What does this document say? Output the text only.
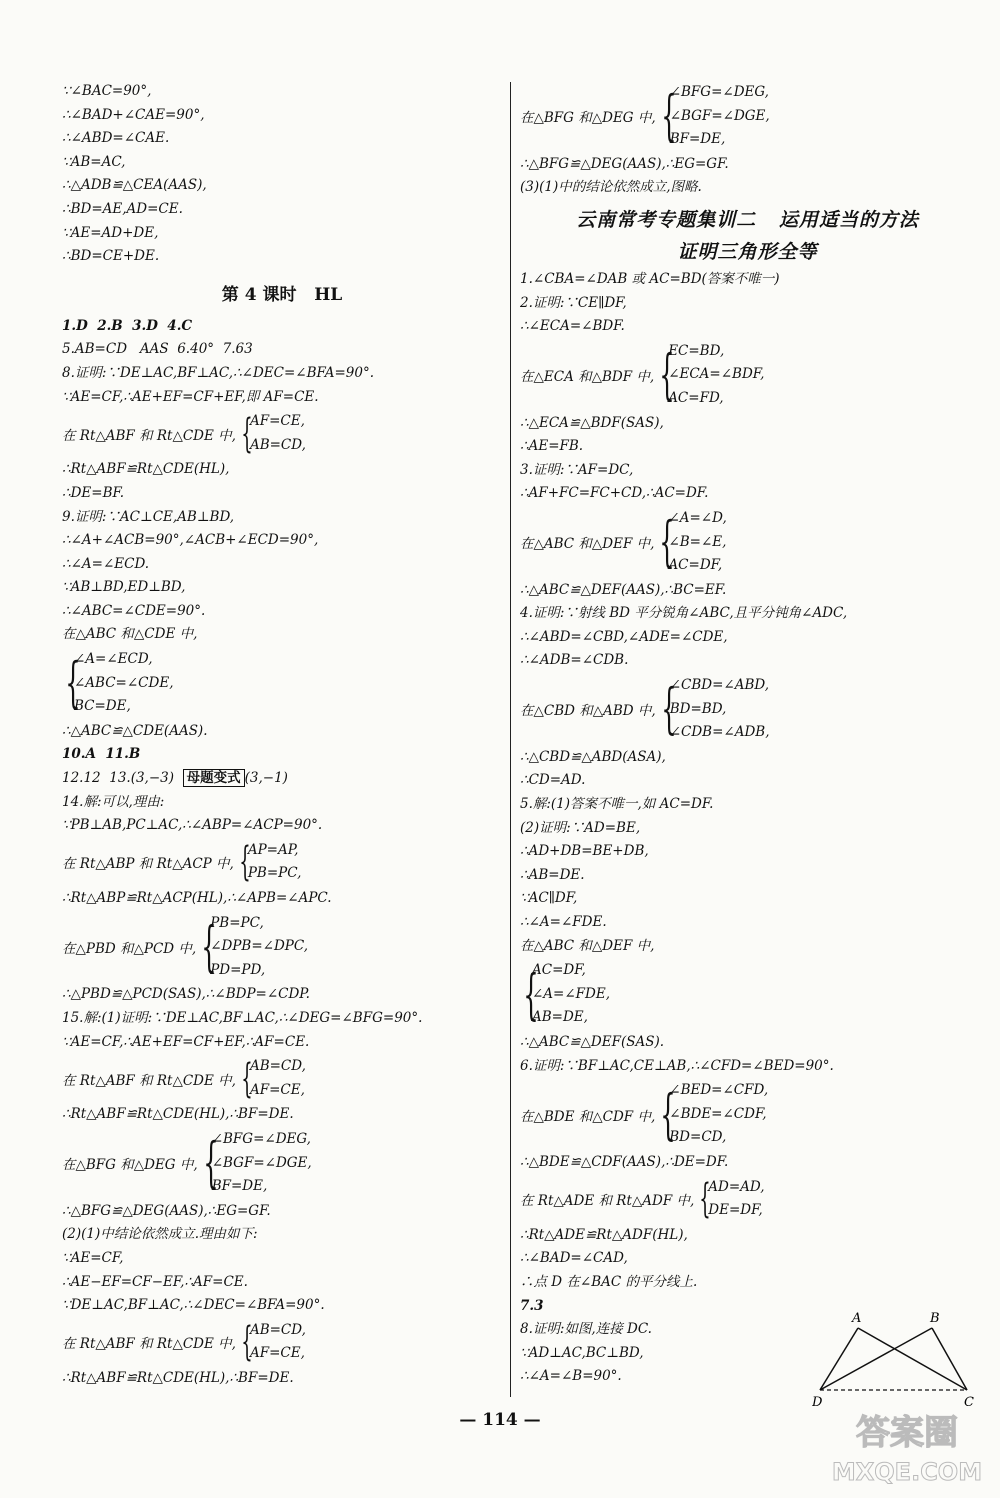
∵∠BAC=90°,
∴∠BAD+∠CAE=90°,
∴∠ABD=∠CAE.
∵AB=AC,
∴△ADB≌△CEA(AAS),
∴BD=AE,AD=CE.
∵AE=AD+DE,
∴BD=CE+DE.
第 4 课时   HL
1.D  2.B  3.D  4.C
5.AB=CD   AAS  6.40°  7.63
8.证明:∵DE⊥AC,BF⊥AC,∴∠DEC=∠BFA=90°.
∵AE=CF,∴AE+EF=CF+EF,即 AF=CE.
在 Rt△ABF 和 Rt△CDE 中, {
AF=CE,
AB=CD,
∴Rt△ABF≌Rt△CDE(HL),
∴DE=BF.
9.证明:∵AC⊥CE,AB⊥BD,
∴∠A+∠ACB=90°,∠ACB+∠ECD=90°,
∴∠A=∠ECD.
∵AB⊥BD,ED⊥BD,
∴∠ABC=∠CDE=90°.
在△ABC 和△CDE 中,
{
∠A=∠ECD,
∠ABC=∠CDE,
BC=DE,
∴△ABC≌△CDE(AAS).
10.A  11.B
12.12  13.(3,−3)  母题变式 (3,−1)
14.解:可以,理由:
∵PB⊥AB,PC⊥AC,∴∠ABP=∠ACP=90°.
在 Rt△ABP 和 Rt△ACP 中, {
AP=AP,
PB=PC,
∴Rt△ABP≌Rt△ACP(HL),∴∠APB=∠APC.
在△PBD 和△PCD 中, {
PB=PC,
∠DPB=∠DPC,
PD=PD,
∴△PBD≌△PCD(SAS),∴∠BDP=∠CDP.
15.解:(1)证明:∵DE⊥AC,BF⊥AC,∴∠DEG=∠BFG=90°.
∵AE=CF,∴AE+EF=CF+EF,∴AF=CE.
在 Rt△ABF 和 Rt△CDE 中, {
AB=CD,
AF=CE,
∴Rt△ABF≌Rt△CDE(HL),∴BF=DE.
在△BFG 和△DEG 中, {
∠BFG=∠DEG,
∠BGF=∠DGE,
BF=DE,
∴△BFG≌△DEG(AAS),∴EG=GF.
(2)(1)中结论依然成立.理由如下:
∵AE=CF,
∴AE−EF=CF−EF,∴AF=CE.
∵DE⊥AC,BF⊥AC,∴∠DEC=∠BFA=90°.
在 Rt△ABF 和 Rt△CDE 中, {
AB=CD,
AF=CE,
∴Rt△ABF≌Rt△CDE(HL),∴BF=DE.
在△BFG 和△DEG 中, {
∠BFG=∠DEG,
∠BGF=∠DGE,
BF=DE,
∴△BFG≌△DEG(AAS),∴EG=GF.
(3)(1)中的结论依然成立,图略.
云南常考专题集训二   运用适当的方法
证明三角形全等
1.∠CBA=∠DAB 或 AC=BD(答案不唯一)
2.证明:∵CE∥DF,
∴∠ECA=∠BDF.
在△ECA 和△BDF 中, {
EC=BD,
∠ECA=∠BDF,
AC=FD,
∴△ECA≌△BDF(SAS),
∴AE=FB.
3.证明:∵AF=DC,
∴AF+FC=FC+CD,∴AC=DF.
在△ABC 和△DEF 中, {
∠A=∠D,
∠B=∠E,
AC=DF,
∴△ABC≌△DEF(AAS),∴BC=EF.
4.证明:∵射线 BD 平分锐角∠ABC,且平分钝角∠ADC,
∴∠ABD=∠CBD,∠ADE=∠CDE,
∴∠ADB=∠CDB.
在△CBD 和△ABD 中, {
∠CBD=∠ABD,
BD=BD,
∠CDB=∠ADB,
∴△CBD≌△ABD(ASA),
∴CD=AD.
5.解:(1)答案不唯一,如 AC=DF.
(2)证明:∵AD=BE,
∴AD+DB=BE+DB,
∴AB=DE.
∵AC∥DF,
∴∠A=∠FDE.
在△ABC 和△DEF 中,
{
AC=DF,
∠A=∠FDE,
AB=DE,
∴△ABC≌△DEF(SAS).
6.证明:∵BF⊥AC,CE⊥AB,∴∠CFD=∠BED=90°.
在△BDE 和△CDF 中, {
∠BED=∠CFD,
∠BDE=∠CDF,
BD=CD,
∴△BDE≌△CDF(AAS),∴DE=DF.
在 Rt△ADE 和 Rt△ADF 中, {
AD=AD,
DE=DF,
∴Rt△ADE≌Rt△ADF(HL),
∴∠BAD=∠CAD,
∴点 D 在∠BAC 的平分线上.
7.3
8.证明:如图,连接 DC.
∵AD⊥AC,BC⊥BD,
∴∠A=∠B=90°.
A	B
D	C
— 114 —	答案圈
MXQE.COM
